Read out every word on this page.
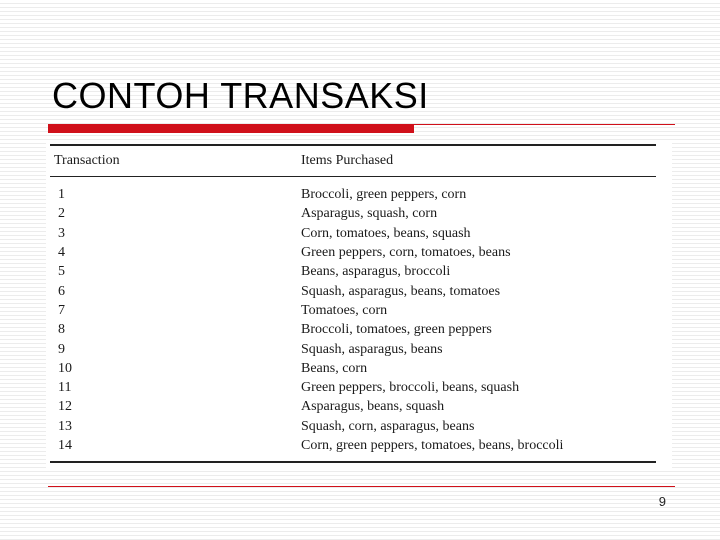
CONTOH TRANSAKSI
Transaction	Items Purchased
1	Broccoli, green peppers, corn
2	Asparagus, squash, corn
3	Corn, tomatoes, beans, squash
4	Green peppers, corn, tomatoes, beans
5	Beans, asparagus, broccoli
6	Squash, asparagus, beans, tomatoes
7	Tomatoes, corn
8	Broccoli, tomatoes, green peppers
9	Squash, asparagus, beans
10	Beans, corn
11	Green peppers, broccoli, beans, squash
12	Asparagus, beans, squash
13	Squash, corn, asparagus, beans
14	Corn, green peppers, tomatoes, beans, broccoli
9
